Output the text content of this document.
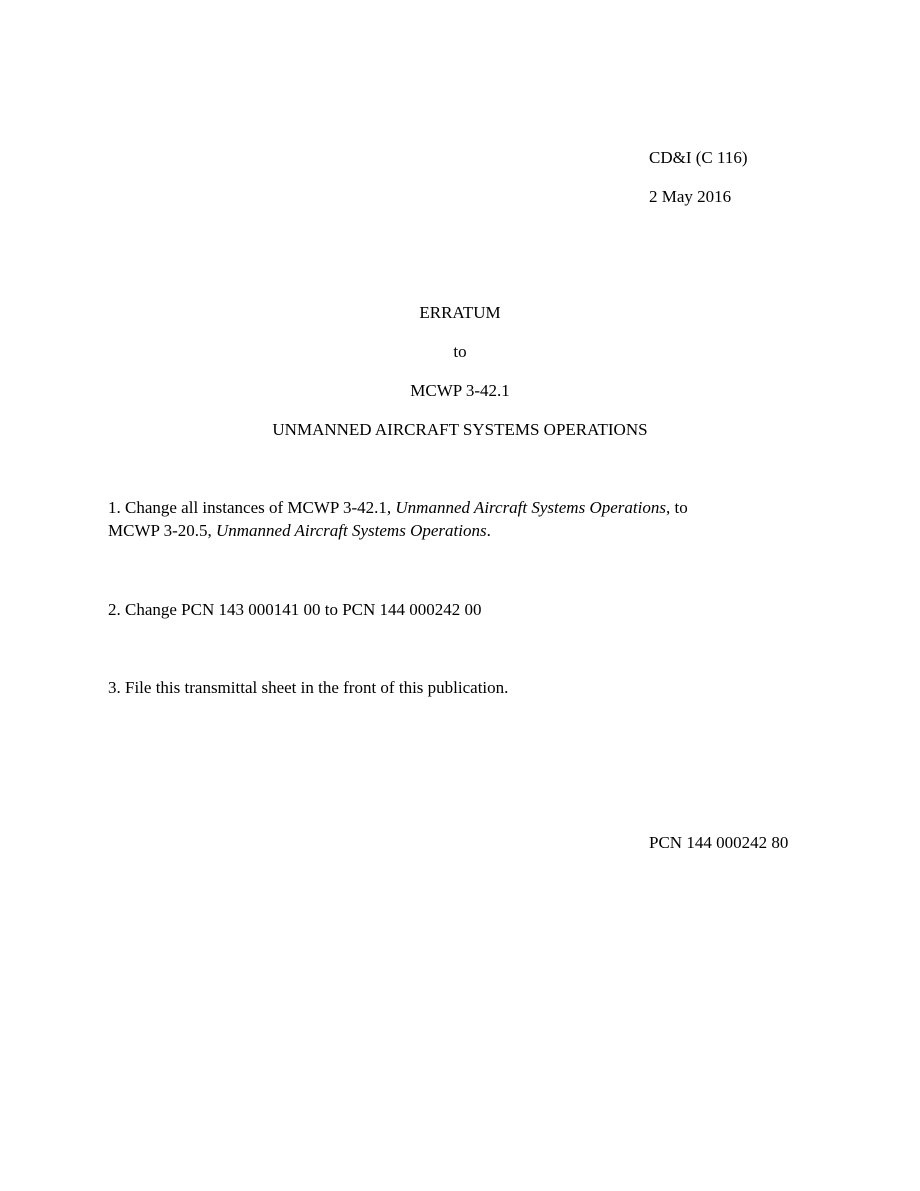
CD&I (C 116)
2 May 2016
ERRATUM
to
MCWP 3-42.1
UNMANNED AIRCRAFT SYSTEMS OPERATIONS
1. Change all instances of MCWP 3-42.1, Unmanned Aircraft Systems Operations, to
MCWP 3-20.5, Unmanned Aircraft Systems Operations.
2. Change PCN 143 000141 00 to PCN 144 000242 00
3. File this transmittal sheet in the front of this publication.
PCN 144 000242 80
